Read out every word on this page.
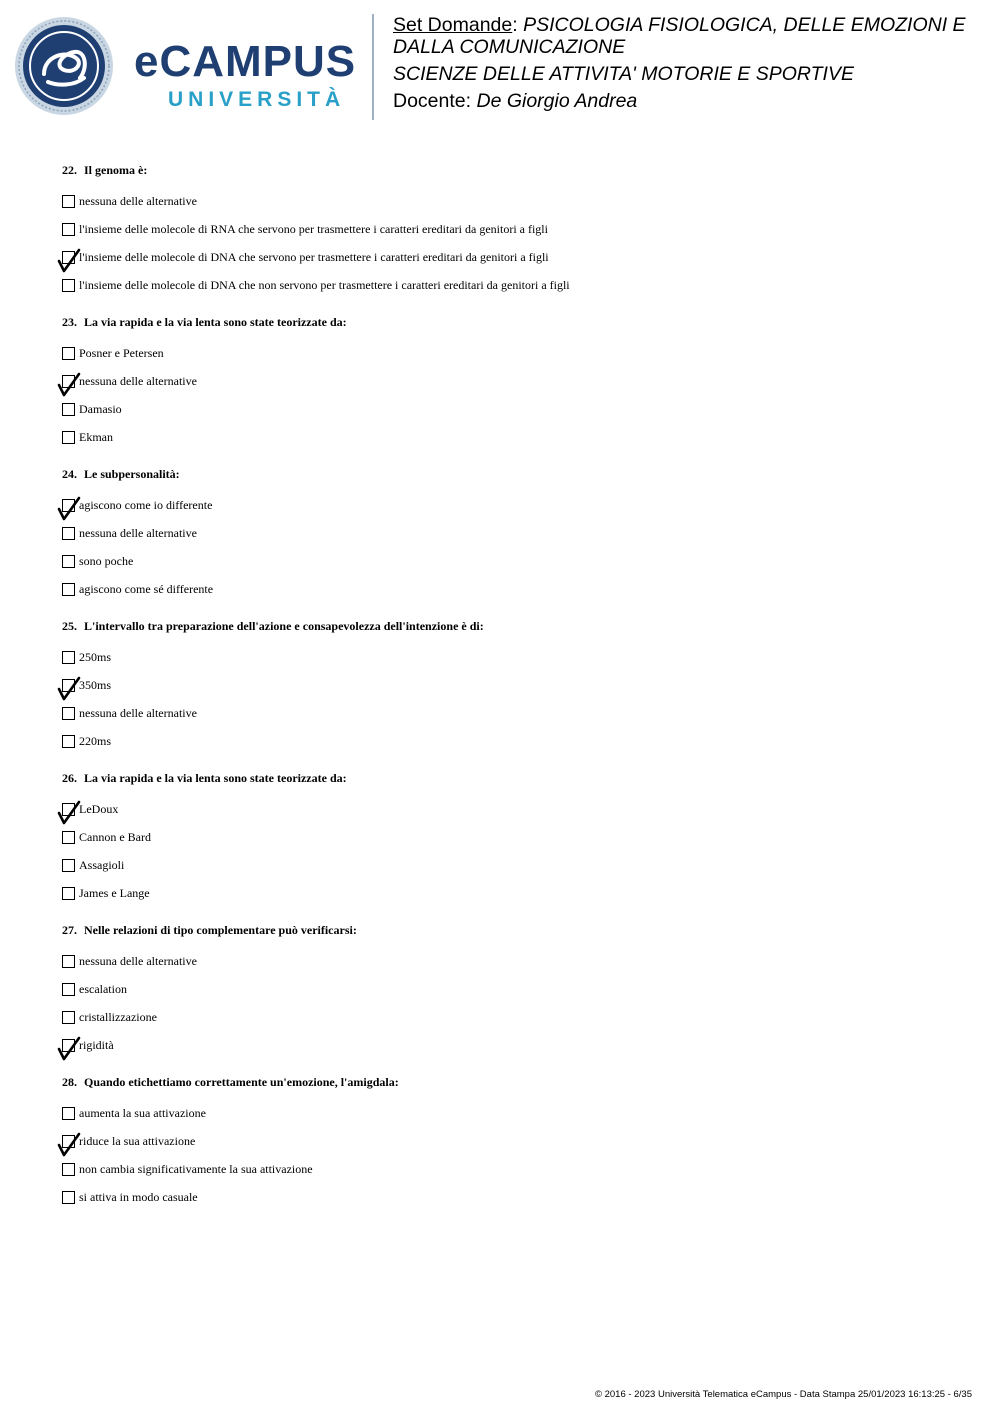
eCAMPUS
UNIVERSITÀ
Set Domande: PSICOLOGIA FISIOLOGICA, DELLE EMOZIONI E DALLA COMUNICAZIONE
SCIENZE DELLE ATTIVITA' MOTORIE E SPORTIVE
Docente: De Giorgio Andrea
22. Il genoma è:
nessuna delle alternative
l'insieme delle molecole di RNA che servono per trasmettere i caratteri ereditari da genitori a figli
l'insieme delle molecole di DNA che servono per trasmettere i caratteri ereditari da genitori a figli
l'insieme delle molecole di DNA che non servono per trasmettere i caratteri ereditari da genitori a figli
23. La via rapida e la via lenta sono state teorizzate da:
Posner e Petersen
nessuna delle alternative
Damasio
Ekman
24. Le subpersonalità:
agiscono come io differente
nessuna delle alternative
sono poche
agiscono come sé differente
25. L'intervallo tra preparazione dell'azione e consapevolezza dell'intenzione è di:
250ms
350ms
nessuna delle alternative
220ms
26. La via rapida e la via lenta sono state teorizzate da:
LeDoux
Cannon e Bard
Assagioli
James e Lange
27. Nelle relazioni di tipo complementare può verificarsi:
nessuna delle alternative
escalation
cristallizzazione
rigidità
28. Quando etichettiamo correttamente un'emozione, l'amigdala:
aumenta la sua attivazione
riduce la sua attivazione
non cambia significativamente la sua attivazione
si attiva in modo casuale
© 2016 - 2023 Università Telematica eCampus - Data Stampa 25/01/2023 16:13:25 - 6/35
